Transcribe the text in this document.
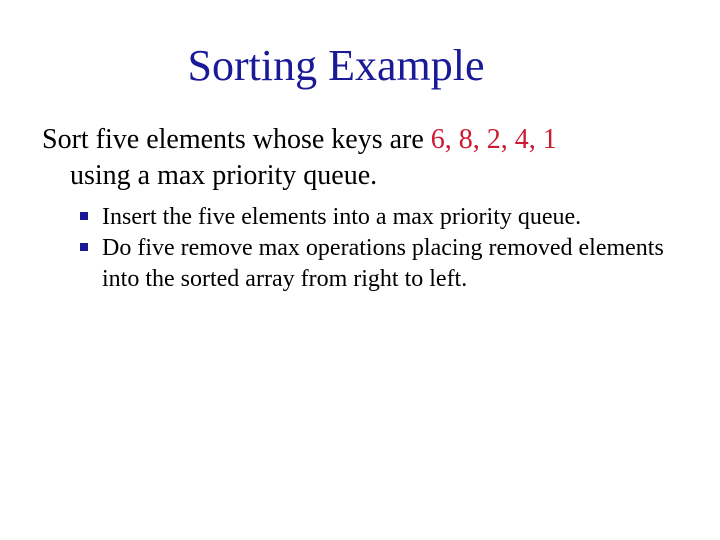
Sorting Example

Sort five elements whose keys are 6, 8, 2, 4, 1
using a max priority queue.

Insert the five elements into a max priority queue.
Do five remove max operations placing removed elements into the sorted array from right to left.
